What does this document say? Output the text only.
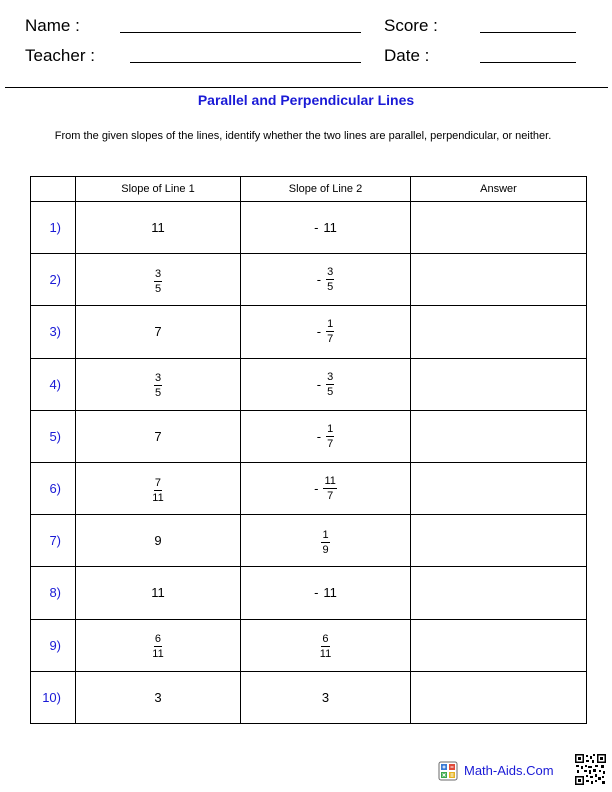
Name :	Score :
Teacher :	Date :
Parallel and Perpendicular Lines
From the given slopes of the lines, identify whether the two lines are parallel, perpendicular, or neither.
	Slope of Line 1	Slope of Line 2	Answer
1)	11	- 11	

2)	$\frac{3}{5}$	- $\frac{3}{5}$

3)	7	- $\frac{1}{7}$

4)	$\frac{3}{5}$	- $\frac{3}{5}$

5)	7	- $\frac{1}{7}$

6)	$\frac{7}{11}$	- $\frac{11}{7}$

7)	9	$\frac{1}{9}$

8)	11	- 11	

9)	$\frac{6}{11}$	$\frac{6}{11}$

10)	3	3	

Math-Aids.Com
